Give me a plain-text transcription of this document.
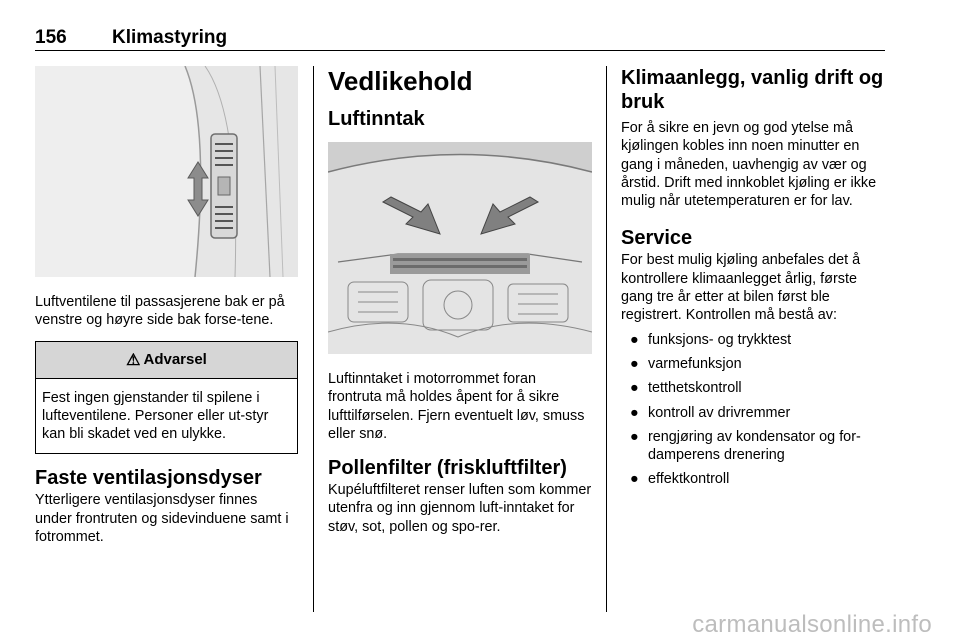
156 Klimastyring

Luftventilene til passasjerene bak er på venstre og høyre side bak forse-tene.

⚠ Advarsel
Fest ingen gjenstander til spilene i lufteventilene. Personer eller ut-styr kan bli skadet ved en ulykke.
Faste ventilasjonsdyser

Ytterligere ventilasjonsdyser finnes under frontruten og sidevinduene samt i fotrommet.

Vedlikehold
Luftinntak

Luftinntaket i motorrommet foran frontruta må holdes åpent for å sikre lufttilførselen. Fjern eventuelt løv, smuss eller snø.

Pollenfilter (friskluftfilter)

Kupéluftfilteret renser luften som kommer utenfra og inn gjennom luft-inntaket for støv, sot, pollen og spo-rer.

Klimaanlegg, vanlig drift og bruk

For å sikre en jevn og god ytelse må kjølingen kobles inn noen minutter en gang i måneden, uavhengig av vær og årstid. Drift med innkoblet kjøling er ikke mulig når utetemperaturen er for lav.

Service

For best mulig kjøling anbefales det å kontrollere klimaanlegget årlig, første gang tre år etter at bilen først ble registrert. Kontrollen må bestå av:

● funksjons- og trykktest
● varmefunksjon
● tetthetskontroll
● kontroll av drivremmer
● rengjøring av kondensator og for-damperens drenering
● effektkontroll
carmanualsonline.info
